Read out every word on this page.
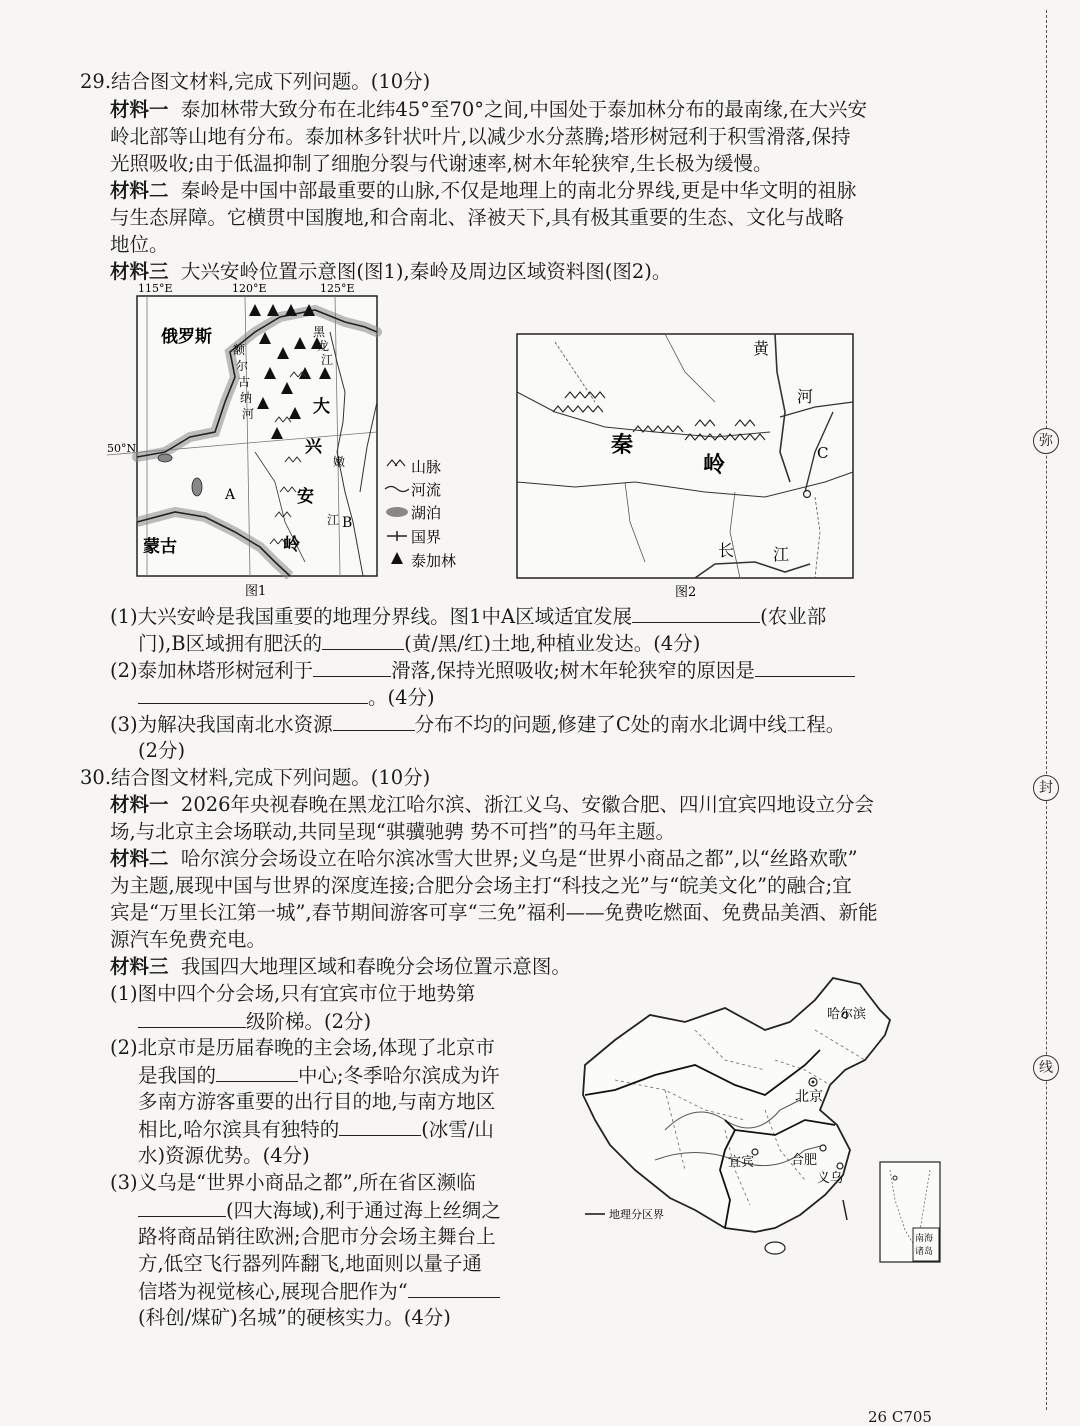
弥
封
线
29.结合图文材料,完成下列问题。(10分)
材料一 泰加林带大致分布在北纬45°至70°之间,中国处于泰加林分布的最南缘,在大兴安
岭北部等山地有分布。泰加林多针状叶片,以减少水分蒸腾;塔形树冠利于积雪滑落,保持
光照吸收;由于低温抑制了细胞分裂与代谢速率,树木年轮狭窄,生长极为缓慢。
材料二 秦岭是中国中部最重要的山脉,不仅是地理上的南北分界线,更是中华文明的祖脉
与生态屏障。它横贯中国腹地,和合南北、泽被天下,具有极其重要的生态、文化与战略
地位。
材料三 大兴安岭位置示意图(图1),秦岭及周边区域资料图(图2)。
115°E	120°E	125°E
50°N
俄罗斯
蒙古
黑
龙
江
额
尔
古
纳
河	大
兴
安
岭
嫩
江
A
B
山脉
河流
湖泊
国界
泰加林
图1
黄
河
秦
岭
长 江
C
图2
(1)大兴安岭是我国重要的地理分界线。图1中A区域适宜发展	(农业部
门),B区域拥有肥沃的	(黄/黑/红)土地,种植业发达。(4分)
(2)泰加林塔形树冠利于	滑落,保持光照吸收;树木年轮狭窄的原因是
。(4分)
(3)为解决我国南北水资源	分布不均的问题,修建了C处的南水北调中线工程。
(2分)
30.结合图文材料,完成下列问题。(10分)
材料一 2026年央视春晚在黑龙江哈尔滨、浙江义乌、安徽合肥、四川宜宾四地设立分会
场,与北京主会场联动,共同呈现“骐骥驰骋 势不可挡”的马年主题。
材料二 哈尔滨分会场设立在哈尔滨冰雪大世界;义乌是“世界小商品之都”,以“丝路欢歌”
为主题,展现中国与世界的深度连接;合肥分会场主打“科技之光”与“皖美文化”的融合;宜
宾是“万里长江第一城”,春节期间游客可享“三免”福利——免费吃燃面、免费品美酒、新能
源汽车免费充电。
材料三 我国四大地理区域和春晚分会场位置示意图。
(1)图中四个分会场,只有宜宾市位于地势第
级阶梯。(2分)
(2)北京市是历届春晚的主会场,体现了北京市
是我国的	中心;冬季哈尔滨成为许
多南方游客重要的出行目的地,与南方地区
相比,哈尔滨具有独特的	(冰雪/山
水)资源优势。(4分)
(3)义乌是“世界小商品之都”,所在省区濒临
(四大海域),利于通过海上丝绸之
路将商品销往欧洲;合肥市分会场主舞台上
方,低空飞行器列阵翻飞,地面则以量子通
信塔为视觉核心,展现合肥作为“
(科创/煤矿)名城”的硬核实力。(4分)
哈尔滨
北京
宜宾	合肥
义乌
地理分区界
南海
诸岛
26 C705
